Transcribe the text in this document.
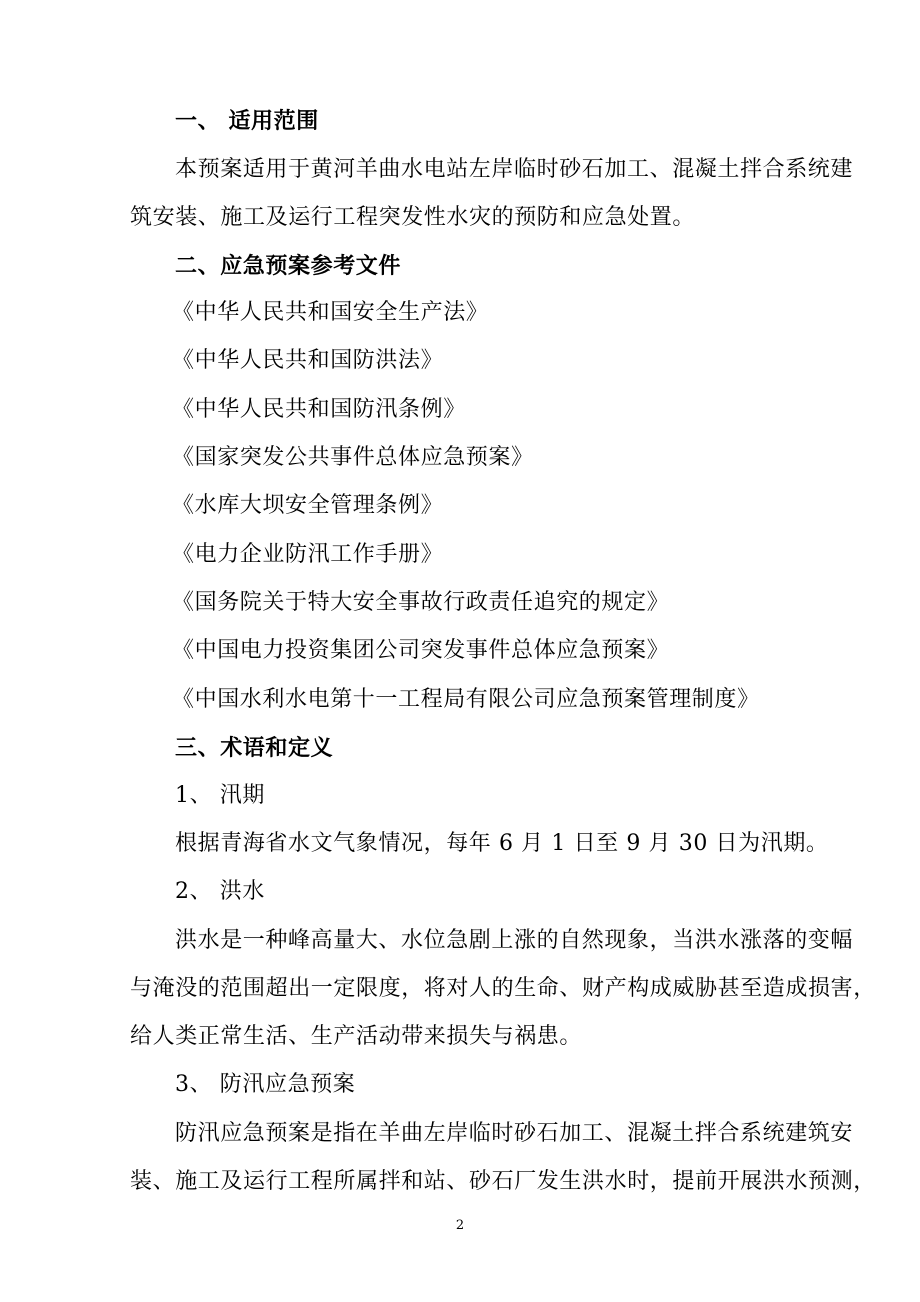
一、 适用范围
本预案适用于黄河羊曲水电站左岸临时砂石加工、混凝土拌合系统建
筑安装、施工及运行工程突发性水灾的预防和应急处置。
二、应急预案参考文件
《中华人民共和国安全生产法》
《中华人民共和国防洪法》
《中华人民共和国防汛条例》
《国家突发公共事件总体应急预案》
《水库大坝安全管理条例》
《电力企业防汛工作手册》
《国务院关于特大安全事故行政责任追究的规定》
《中国电力投资集团公司突发事件总体应急预案》
《中国水利水电第十一工程局有限公司应急预案管理制度》
三、术语和定义
1、 汛期
根据青海省水文气象情况，每年 6 月 1 日至 9 月 30 日为汛期。
2、 洪水
洪水是一种峰高量大、水位急剧上涨的自然现象，当洪水涨落的变幅
与淹没的范围超出一定限度，将对人的生命、财产构成威胁甚至造成损害，
给人类正常生活、生产活动带来损失与祸患。
3、 防汛应急预案
防汛应急预案是指在羊曲左岸临时砂石加工、混凝土拌合系统建筑安
装、施工及运行工程所属拌和站、砂石厂发生洪水时，提前开展洪水预测，
2
